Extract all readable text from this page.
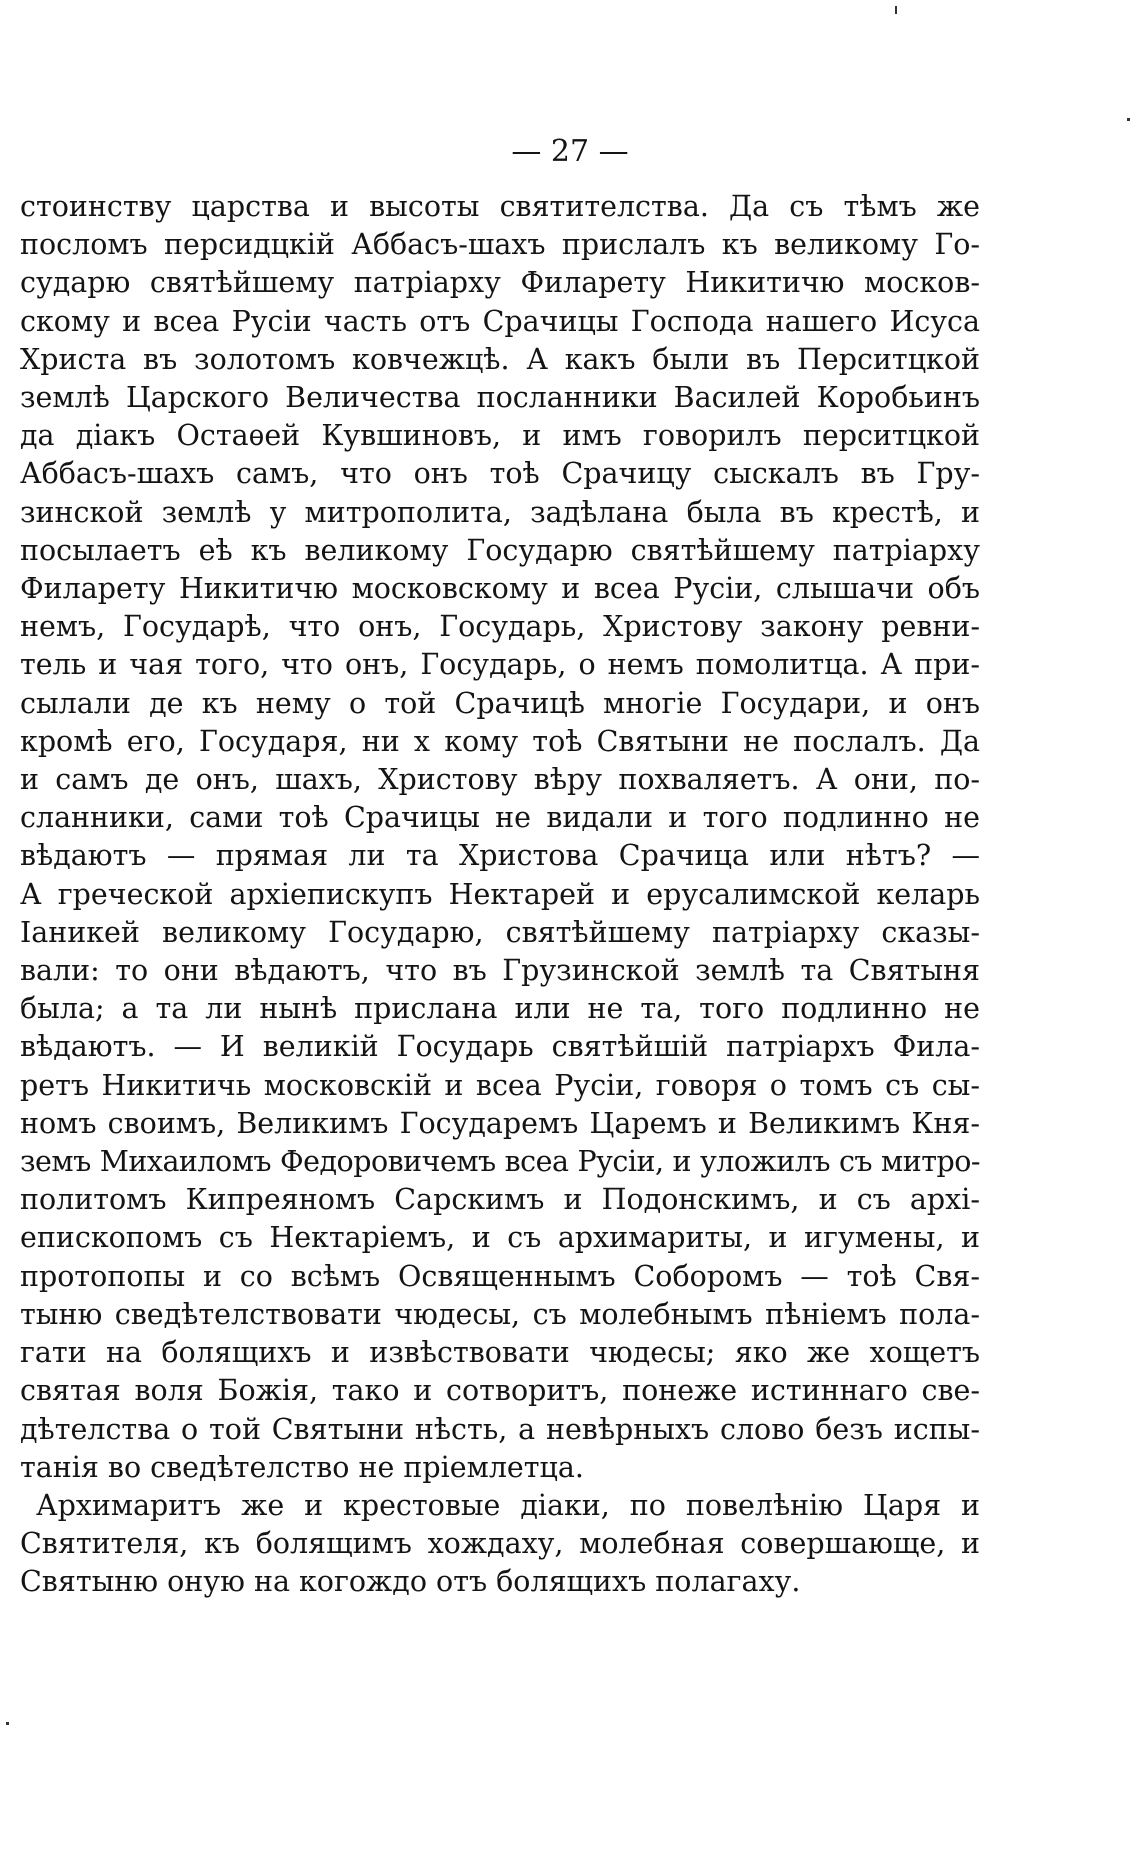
— 27 —
стоинству царства и высоты святителства. Да съ тѣмъ же
посломъ персидцкій Аббасъ-шахъ прислалъ къ великому Го-
сударю святѣйшему патріарху Филарету Никитичю москов-
скому и всеа Русіи часть отъ Срачицы Господа нашего Исуса
Христа въ золотомъ ковчежцѣ. А какъ были въ Перситцкой
землѣ Царского Величества посланники Василей Коробьинъ
да діакъ Остаѳей Кувшиновъ, и имъ говорилъ перситцкой
Аббасъ-шахъ самъ, что онъ тоѣ Срачицу сыскалъ въ Гру-
зинской землѣ у митрополита, задѣлана была въ крестѣ, и
посылаетъ еѣ къ великому Государю святѣйшему патріарху
Филарету Никитичю московскому и всеа Русіи, слышачи объ
немъ, Государѣ, что онъ, Государь, Христову закону ревни-
тель и чая того, что онъ, Государь, о немъ помолитца. А при-
сылали де къ нему о той Срачицѣ многіе Государи, и онъ
кромѣ его, Государя, ни х кому тоѣ Святыни не послалъ. Да
и самъ де онъ, шахъ, Христову вѣру похваляетъ. А они, по-
сланники, сами тоѣ Срачицы не видали и того подлинно не
вѣдаютъ — прямая ли та Христова Срачица или нѣтъ? —
А греческой архіепискупъ Нектарей и ерусалимской келарь
Іаникей великому Государю, святѣйшему патріарху сказы-
вали: то они вѣдаютъ, что въ Грузинской землѣ та Святыня
была; а та ли нынѣ прислана или не та, того подлинно не
вѣдаютъ. — И великій Государь святѣйшій патріархъ Фила-
ретъ Никитичь московскій и всеа Русіи, говоря о томъ съ сы-
номъ своимъ, Великимъ Государемъ Царемъ и Великимъ Кня-
земъ Михаиломъ Федоровичемъ всеа Русіи, и уложилъ съ митро-
политомъ Кипреяномъ Сарскимъ и Подонскимъ, и съ архі-
епископомъ съ Нектаріемъ, и съ архимариты, и игумены, и
протопопы и со всѣмъ Освященнымъ Соборомъ — тоѣ Свя-
тыню сведѣтелствовати чюдесы, съ молебнымъ пѣніемъ пола-
гати на болящихъ и извѣствовати чюдесы; яко же хощетъ
святая воля Божія, тако и сотворитъ, понеже истиннаго све-
дѣтелства о той Святыни нѣсть, а невѣрныхъ слово безъ испы-
танія во сведѣтелство не пріемлетца.
Архимаритъ же и крестовые діаки, по повелѣнію Царя и
Святителя, къ болящимъ хождаху, молебная совершающе, и
Святыню оную на когождо отъ болящихъ полагаху.
